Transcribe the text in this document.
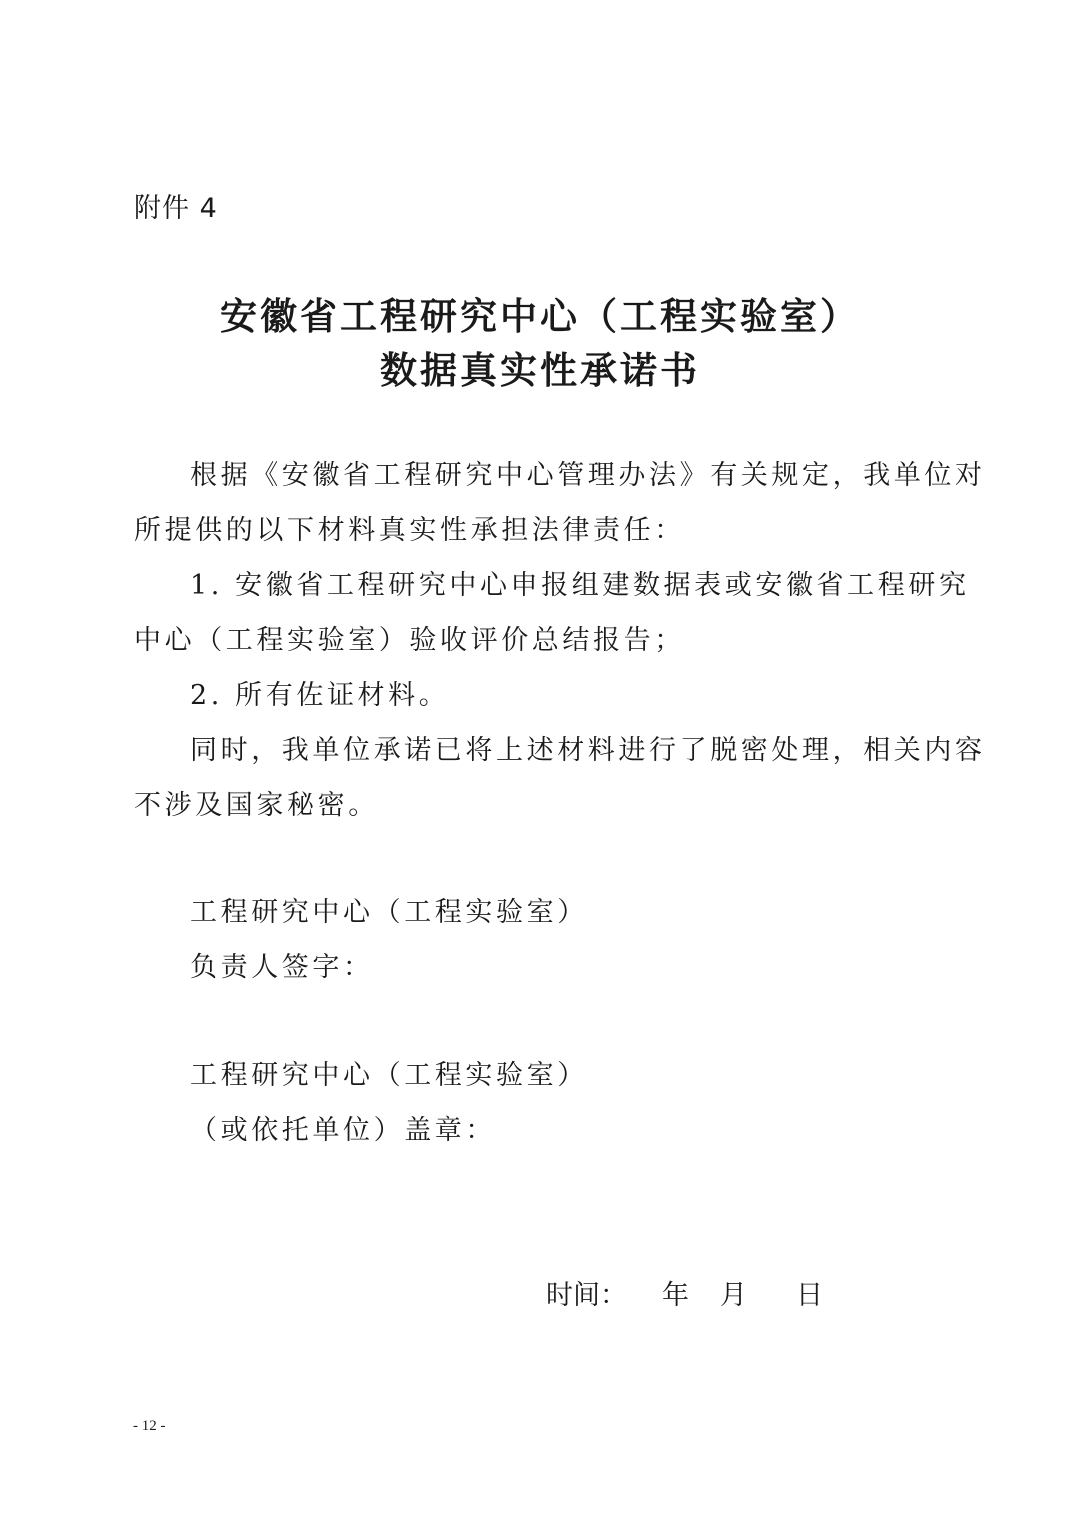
附件 4
安徽省工程研究中心（工程实验室）
数据真实性承诺书
根据《安徽省工程研究中心管理办法》有关规定，我单位对
所提供的以下材料真实性承担法律责任：
1. 安徽省工程研究中心申报组建数据表或安徽省工程研究
中心（工程实验室）验收评价总结报告；
2. 所有佐证材料。
同时，我单位承诺已将上述材料进行了脱密处理，相关内容
不涉及国家秘密。
工程研究中心（工程实验室）
负责人签字：
工程研究中心（工程实验室）
（或依托单位）盖章：
时间： 年 月 日
- 12 -
